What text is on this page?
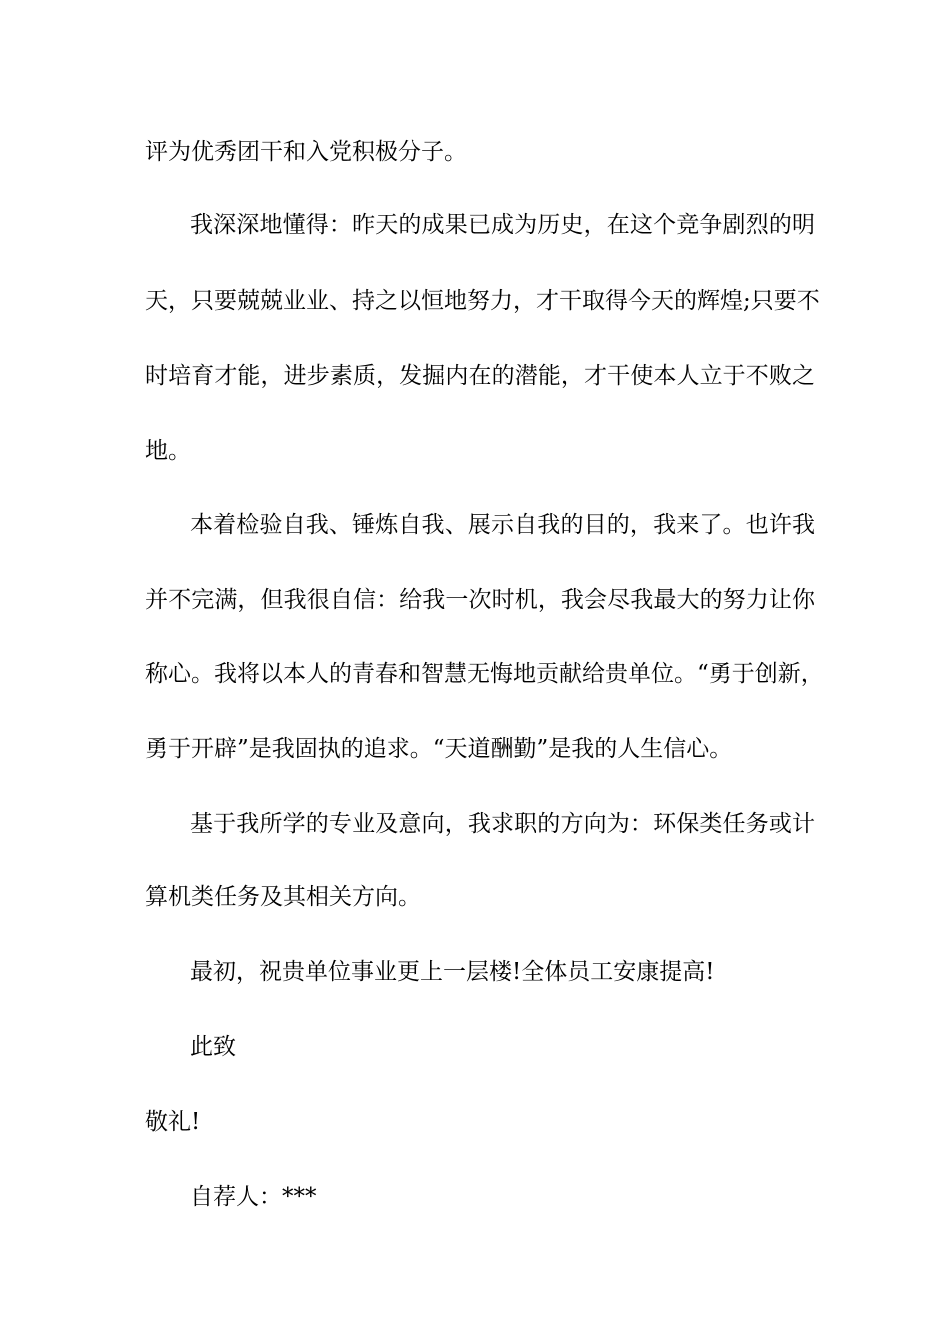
评为优秀团干和入党积极分子。
我深深地懂得：昨天的成果已成为历史，在这个竞争剧烈的明
天，只要兢兢业业、持之以恒地努力，才干取得今天的辉煌;只要不
时培育才能，进步素质，发掘内在的潜能，才干使本人立于不败之
地。
本着检验自我、锤炼自我、展示自我的目的，我来了。也许我
并不完满，但我很自信：给我一次时机，我会尽我最大的努力让你
称心。我将以本人的青春和智慧无悔地贡献给贵单位。“勇于创新，
勇于开辟”是我固执的追求。“天道酬勤”是我的人生信心。
基于我所学的专业及意向，我求职的方向为：环保类任务或计
算机类任务及其相关方向。
最初，祝贵单位事业更上一层楼!全体员工安康提高!
此致
敬礼!
自荐人：***
